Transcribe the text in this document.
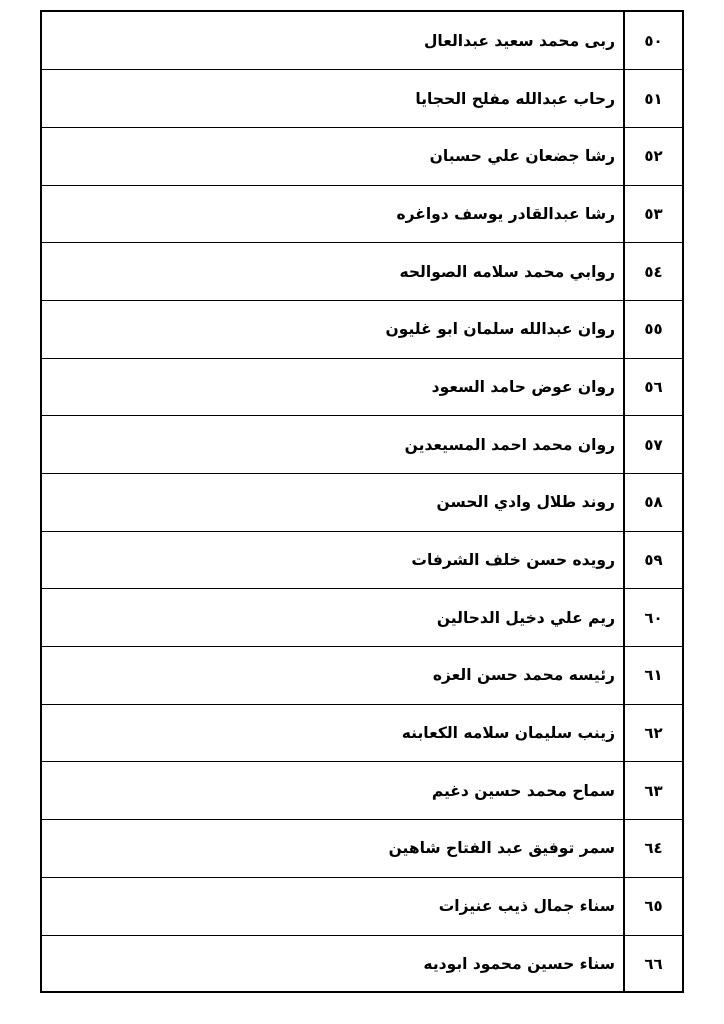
٥٠	ربى محمد سعيد عبدالعال
٥١	رحاب عبدالله مفلح الحجايا
٥٢	رشا جضعان علي حسبان
٥٣	رشا عبدالقادر يوسف دواغره
٥٤	روابي محمد سلامه الصوالحه
٥٥	روان عبدالله سلمان ابو غليون
٥٦	روان عوض حامد السعود
٥٧	روان محمد احمد المسيعدين
٥٨	روند طلال وادي الحسن
٥٩	رويده حسن خلف الشرفات
٦٠	ريم علي دخيل الدحالين
٦١	رئيسه محمد حسن العزه
٦٢	زينب سليمان سلامه الكعابنه
٦٣	سماح محمد حسين دغيم
٦٤	سمر توفيق عبد الفتاح شاهين
٦٥	سناء جمال ذيب عنيزات
٦٦	سناء حسين محمود ابوديه
